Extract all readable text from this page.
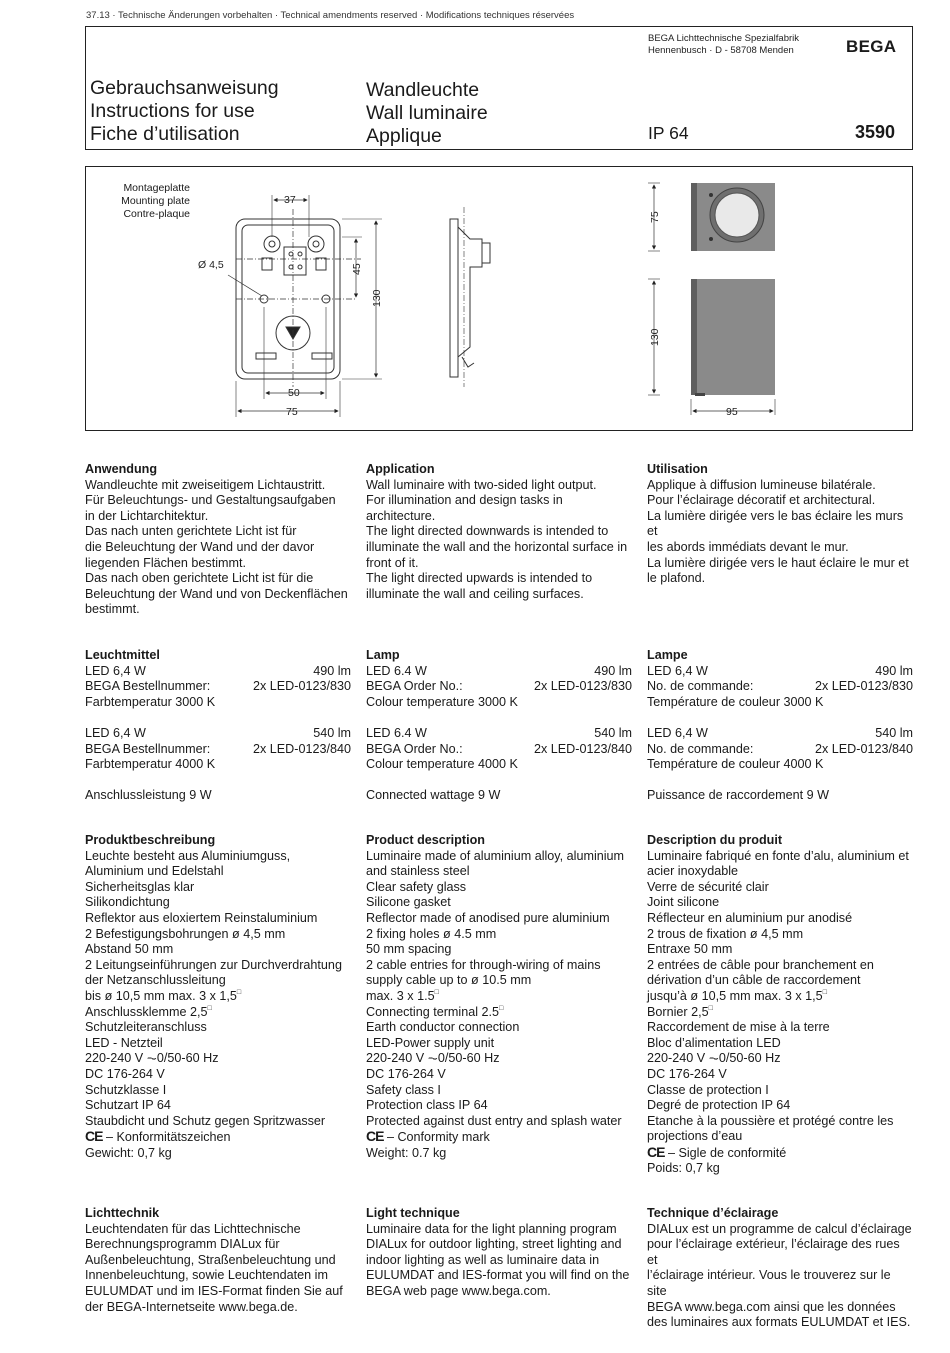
37.13 · Technische Änderungen vorbehalten · Technical amendments reserved · Modifications techniques réservées
BEGA Lichttechnische Spezialfabrik
Hennenbusch · D - 58708 Menden	BEGA
Gebrauchsanweisung
Instructions for use
Fiche d’utilisation
Wandleuchte
Wall luminaire
Applique	IP 64	3590
Montageplatte
Mounting plate
Contre-plaque
37
Ø 4,5	45
130
50
75
75
130
95
Anwendung
Wandleuchte mit zweiseitigem Lichtaustritt.
Für Beleuchtungs- und Gestaltungsaufgaben
in der Lichtarchitektur.
Das nach unten gerichtete Licht ist für
die Beleuchtung der Wand und der davor
liegenden Flächen bestimmt.
Das nach oben gerichtete Licht ist für die
Beleuchtung der Wand und von Deckenflächen
bestimmt.
Leuchtmittel
LED 6,4 W	490 lm
BEGA Bestellnummer:	2x LED-0123/830
Farbtemperatur 3000 K
LED 6,4 W	540 lm
BEGA Bestellnummer:	2x LED-0123/840
Farbtemperatur 4000 K
Anschlussleistung 9 W
Produktbeschreibung
Leuchte besteht aus Aluminiumguss,
Aluminium und Edelstahl
Sicherheitsglas klar
Silikondichtung
Reflektor aus eloxiertem Reinstaluminium
2 Befestigungsbohrungen ø 4,5 mm
Abstand 50 mm
2 Leitungseinführungen zur Durchverdrahtung
der Netzanschlussleitung
bis ø 10,5 mm max. 3 x 1,5□
Anschlussklemme 2,5□
Schutzleiteranschluss
LED - Netzteil
220-240 V ⏦0/50-60 Hz
DC 176-264 V
Schutzklasse I
Schutzart IP 64
Staubdicht und Schutz gegen Spritzwasser
CE – Konformitätszeichen
Gewicht: 0,7 kg
Lichttechnik
Leuchtendaten für das Lichttechnische
Berechnungsprogramm DIALux für
Außenbeleuchtung, Straßenbeleuchtung und
Innenbeleuchtung, sowie Leuchtendaten im
EULUMDAT und im IES-Format finden Sie auf
der BEGA-Internetseite www.bega.de.
Application
Wall luminaire with two-sided light output.
For illumination and design tasks in
architecture.
The light directed downwards is intended to
illuminate the wall and the horizontal surface in
front of it.
The light directed upwards is intended to
illuminate the wall and ceiling surfaces.
Lamp
LED 6.4 W	490 lm
BEGA Order No.:	2x LED-0123/830
Colour temperature 3000 K
LED 6.4 W	540 lm
BEGA Order No.:	2x LED-0123/840
Colour temperature 4000 K
Connected wattage 9 W
Product description
Luminaire made of aluminium alloy, aluminium
and stainless steel
Clear safety glass
Silicone gasket
Reflector made of anodised pure aluminium
2 fixing holes ø 4.5 mm
50 mm spacing
2 cable entries for through-wiring of mains
supply cable up to ø 10.5 mm
max. 3 x 1.5□
Connecting terminal 2.5□
Earth conductor connection
LED-Power supply unit
220-240 V ⏦0/50-60 Hz
DC 176-264 V
Safety class I
Protection class IP 64
Protected against dust entry and splash water
CE – Conformity mark
Weight: 0.7 kg
Light technique
Luminaire data for the light planning program
DIALux for outdoor lighting, street lighting and
indoor lighting as well as luminaire data in
EULUMDAT and IES-format you will find on the
BEGA web page www.bega.com.
Utilisation
Applique à diffusion lumineuse bilatérale.
Pour l’éclairage décoratif et architectural.
La lumière dirigée vers le bas éclaire les murs et
les abords immédiats devant le mur.
La lumière dirigée vers le haut éclaire le mur et
le plafond.
Lampe
LED 6,4 W	490 lm
No. de commande:	2x LED-0123/830
Température de couleur 3000 K
LED 6,4 W	540 lm
No. de commande:	2x LED-0123/840
Température de couleur 4000 K
Puissance de raccordement 9 W
Description du produit
Luminaire fabriqué en fonte d’alu, aluminium et
acier inoxydable
Verre de sécurité clair
Joint silicone
Réflecteur en aluminium pur anodisé
2 trous de fixation ø 4,5 mm
Entraxe 50 mm
2 entrées de câble pour branchement en
dérivation d’un câble de raccordement
jusqu’à ø 10,5 mm max. 3 x 1,5□
Bornier 2,5□
Raccordement de mise à la terre
Bloc d’alimentation LED
220-240 V ⏦0/50-60 Hz
DC 176-264 V
Classe de protection I
Degré de protection IP 64
Etanche à la poussière et protégé contre les
projections d’eau
CE – Sigle de conformité
Poids: 0,7 kg
Technique d’éclairage
DIALux est un programme de calcul d’éclairage
pour l’éclairage extérieur, l’éclairage des rues et
l’éclairage intérieur. Vous le trouverez sur le site
BEGA www.bega.com ainsi que les données
des luminaires aux formats EULUMDAT et IES.
